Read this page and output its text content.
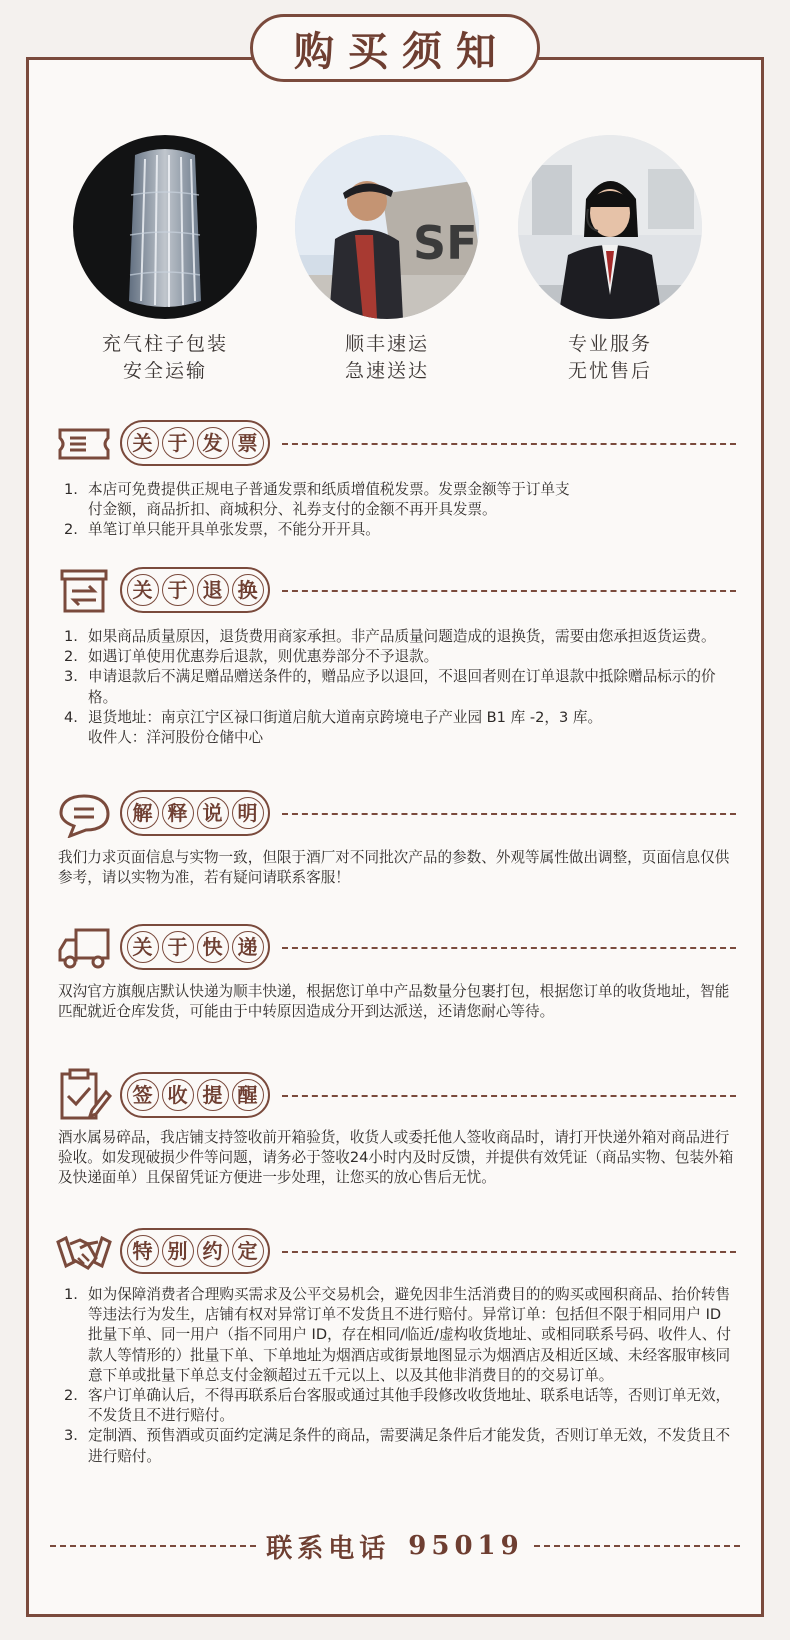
购买须知
充气柱子包装
安全运输
SF
顺丰速运
急速送达
专业服务
无忧售后
关 于 发 票
1. 本店可免费提供正规电子普通发票和纸质增值税发票。发票金额等于订单支
付金额，商品折扣、商城积分、礼券支付的金额不再开具发票。
2. 单笔订单只能开具单张发票，不能分开开具。
关 于 退 换
1. 如果商品质量原因，退货费用商家承担。非产品质量问题造成的退换货，需要由您承担返货运费。
2. 如遇订单使用优惠券后退款，则优惠券部分不予退款。
3. 申请退款后不满足赠品赠送条件的，赠品应予以退回，不退回者则在订单退款中抵除赠品标示的价格。
4. 退货地址：南京江宁区禄口街道启航大道南京跨境电子产业园 B1 库 -2，3 库。
收件人：洋河股份仓储中心
解 释 说 明

我们力求页面信息与实物一致，但限于酒厂对不同批次产品的参数、外观等属性做出调整，页面信息仅供参考，请以实物为准，若有疑问请联系客服！

关 于 快 递

双沟官方旗舰店默认快递为顺丰快递，根据您订单中产品数量分包裹打包，根据您订单的收货地址，智能匹配就近仓库发货，可能由于中转原因造成分开到达派送，还请您耐心等待。

签 收 提 醒

酒水属易碎品，我店铺支持签收前开箱验货，收货人或委托他人签收商品时，请打开快递外箱对商品进行验收。如发现破损少件等问题，请务必于签收24小时内及时反馈，并提供有效凭证（商品实物、包装外箱及快递面单）且保留凭证方便进一步处理，让您买的放心售后无忧。

特 别 约 定
1. 如为保障消费者合理购买需求及公平交易机会，避免因非生活消费目的的购买或囤积商品、抬价转售等违法行为发生，店铺有权对异常订单不发货且不进行赔付。异常订单：包括但不限于相同用户 ID 批量下单、同一用户（指不同用户 ID，存在相同/临近/虚构收货地址、或相同联系号码、收件人、付款人等情形的）批量下单、下单地址为烟酒店或街景地图显示为烟酒店及相近区域、未经客服审核同意下单或批量下单总支付金额超过五千元以上、以及其他非消费目的的交易订单。
2. 客户订单确认后，不得再联系后台客服或通过其他手段修改收货地址、联系电话等，否则订单无效，不发货且不进行赔付。
3. 定制酒、预售酒或页面约定满足条件的商品，需要满足条件后才能发货，否则订单无效，不发货且不进行赔付。
联系电话 95019
